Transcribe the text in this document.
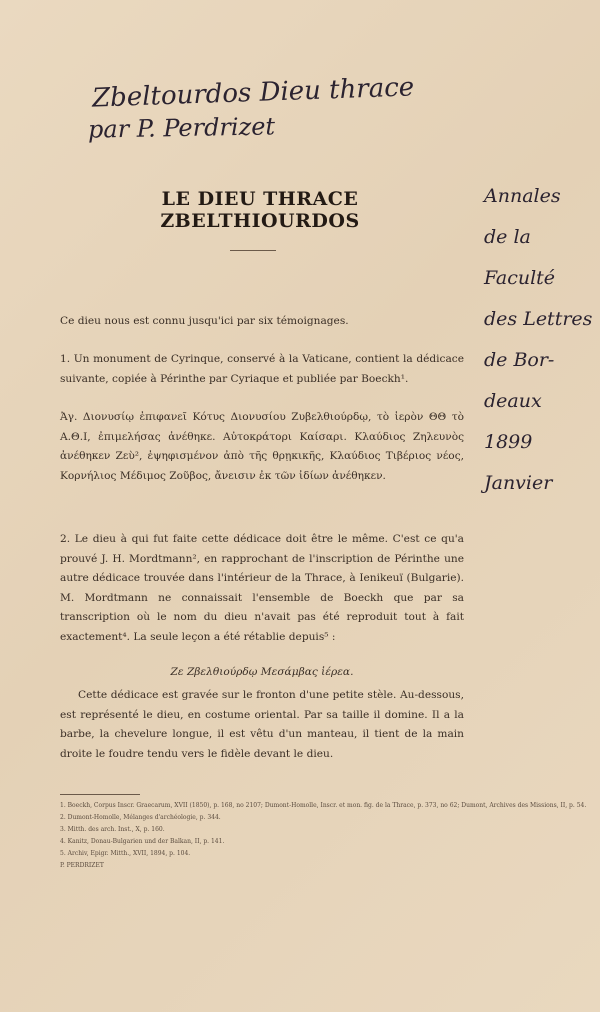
Zbeltourdos Dieu thrace
par P. Perdrizet
Annales
de la
Faculté
des Lettres
de Bor-
deaux
1899
Janvier
LE DIEU THRACE ZBELTHIOURDOS
Ce dieu nous est connu jusqu'ici par six témoignages.
1. Un monument de Cyrinque, conservé à la Vaticane, contient la dédicace suivante, copiée à Périnthe par Cyriaque et publiée par Boeckh¹.
Ἀγ. Διονυσίῳ ἐπιφανεῖ Κότυς Διονυσίου Ζυβελθιούρδῳ, τὸ ἱερὸν ΘΘ τὸ Α.Θ.Ι, ἐπιμελήσας ἀνέθηκε. Αὐτοκράτορι Καίσαρι. Κλαύδιος Ζηλευνὸς ἀνέθηκεν Ζεὺ², ἐψηφισμένον ἀπὸ τῆς θρῃκικῆς, Κλαύδιος Τιβέριος νέος, Κορνήλιος Μέδιμος Ζοῦβος, ἄνεισιν ἐκ τῶν ἰδίων ἀνέθηκεν.
2. Le dieu à qui fut faite cette dédicace doit être le même. C'est ce qu'a prouvé J. H. Mordtmann², en rapprochant de l'inscription de Périnthe une autre dédicace trouvée dans l'intérieur de la Thrace, à Ienikeuï (Bulgarie). M. Mordtmann ne connaissait l'ensemble de Boeckh que par sa transcription où le nom du dieu n'avait pas été reproduit tout à fait exactement⁴. La seule leçon a été rétablie depuis⁵ :
Ζε Ζβελθιούρδῳ Μεσάμβας ἱέρεα.
Cette dédicace est gravée sur le fronton d'une petite stèle. Au-dessous, est représenté le dieu, en costume oriental. Par sa taille il domine. Il a la barbe, la chevelure longue, il est vêtu d'un manteau, il tient de la main droite le foudre tendu vers le fidèle devant le dieu.
1. Boeckh, Corpus Inscr. Graecarum, XVII (1850), p. 168, no 2107; Dumont-Homolle, Inscr. et mon. fig. de la Thrace, p. 373, no 62; Dumont, Archives des Missions, II, p. 54.
2. Dumont-Homolle, Mélanges d'archéologie, p. 344.
3. Mitth. des arch. Inst., X, p. 160.
4. Kanitz, Donau-Bulgarien und der Balkan, II, p. 141.
5. Archiv, Epigr. Mitth., XVII, 1894, p. 104.
P. PERDRIZET
